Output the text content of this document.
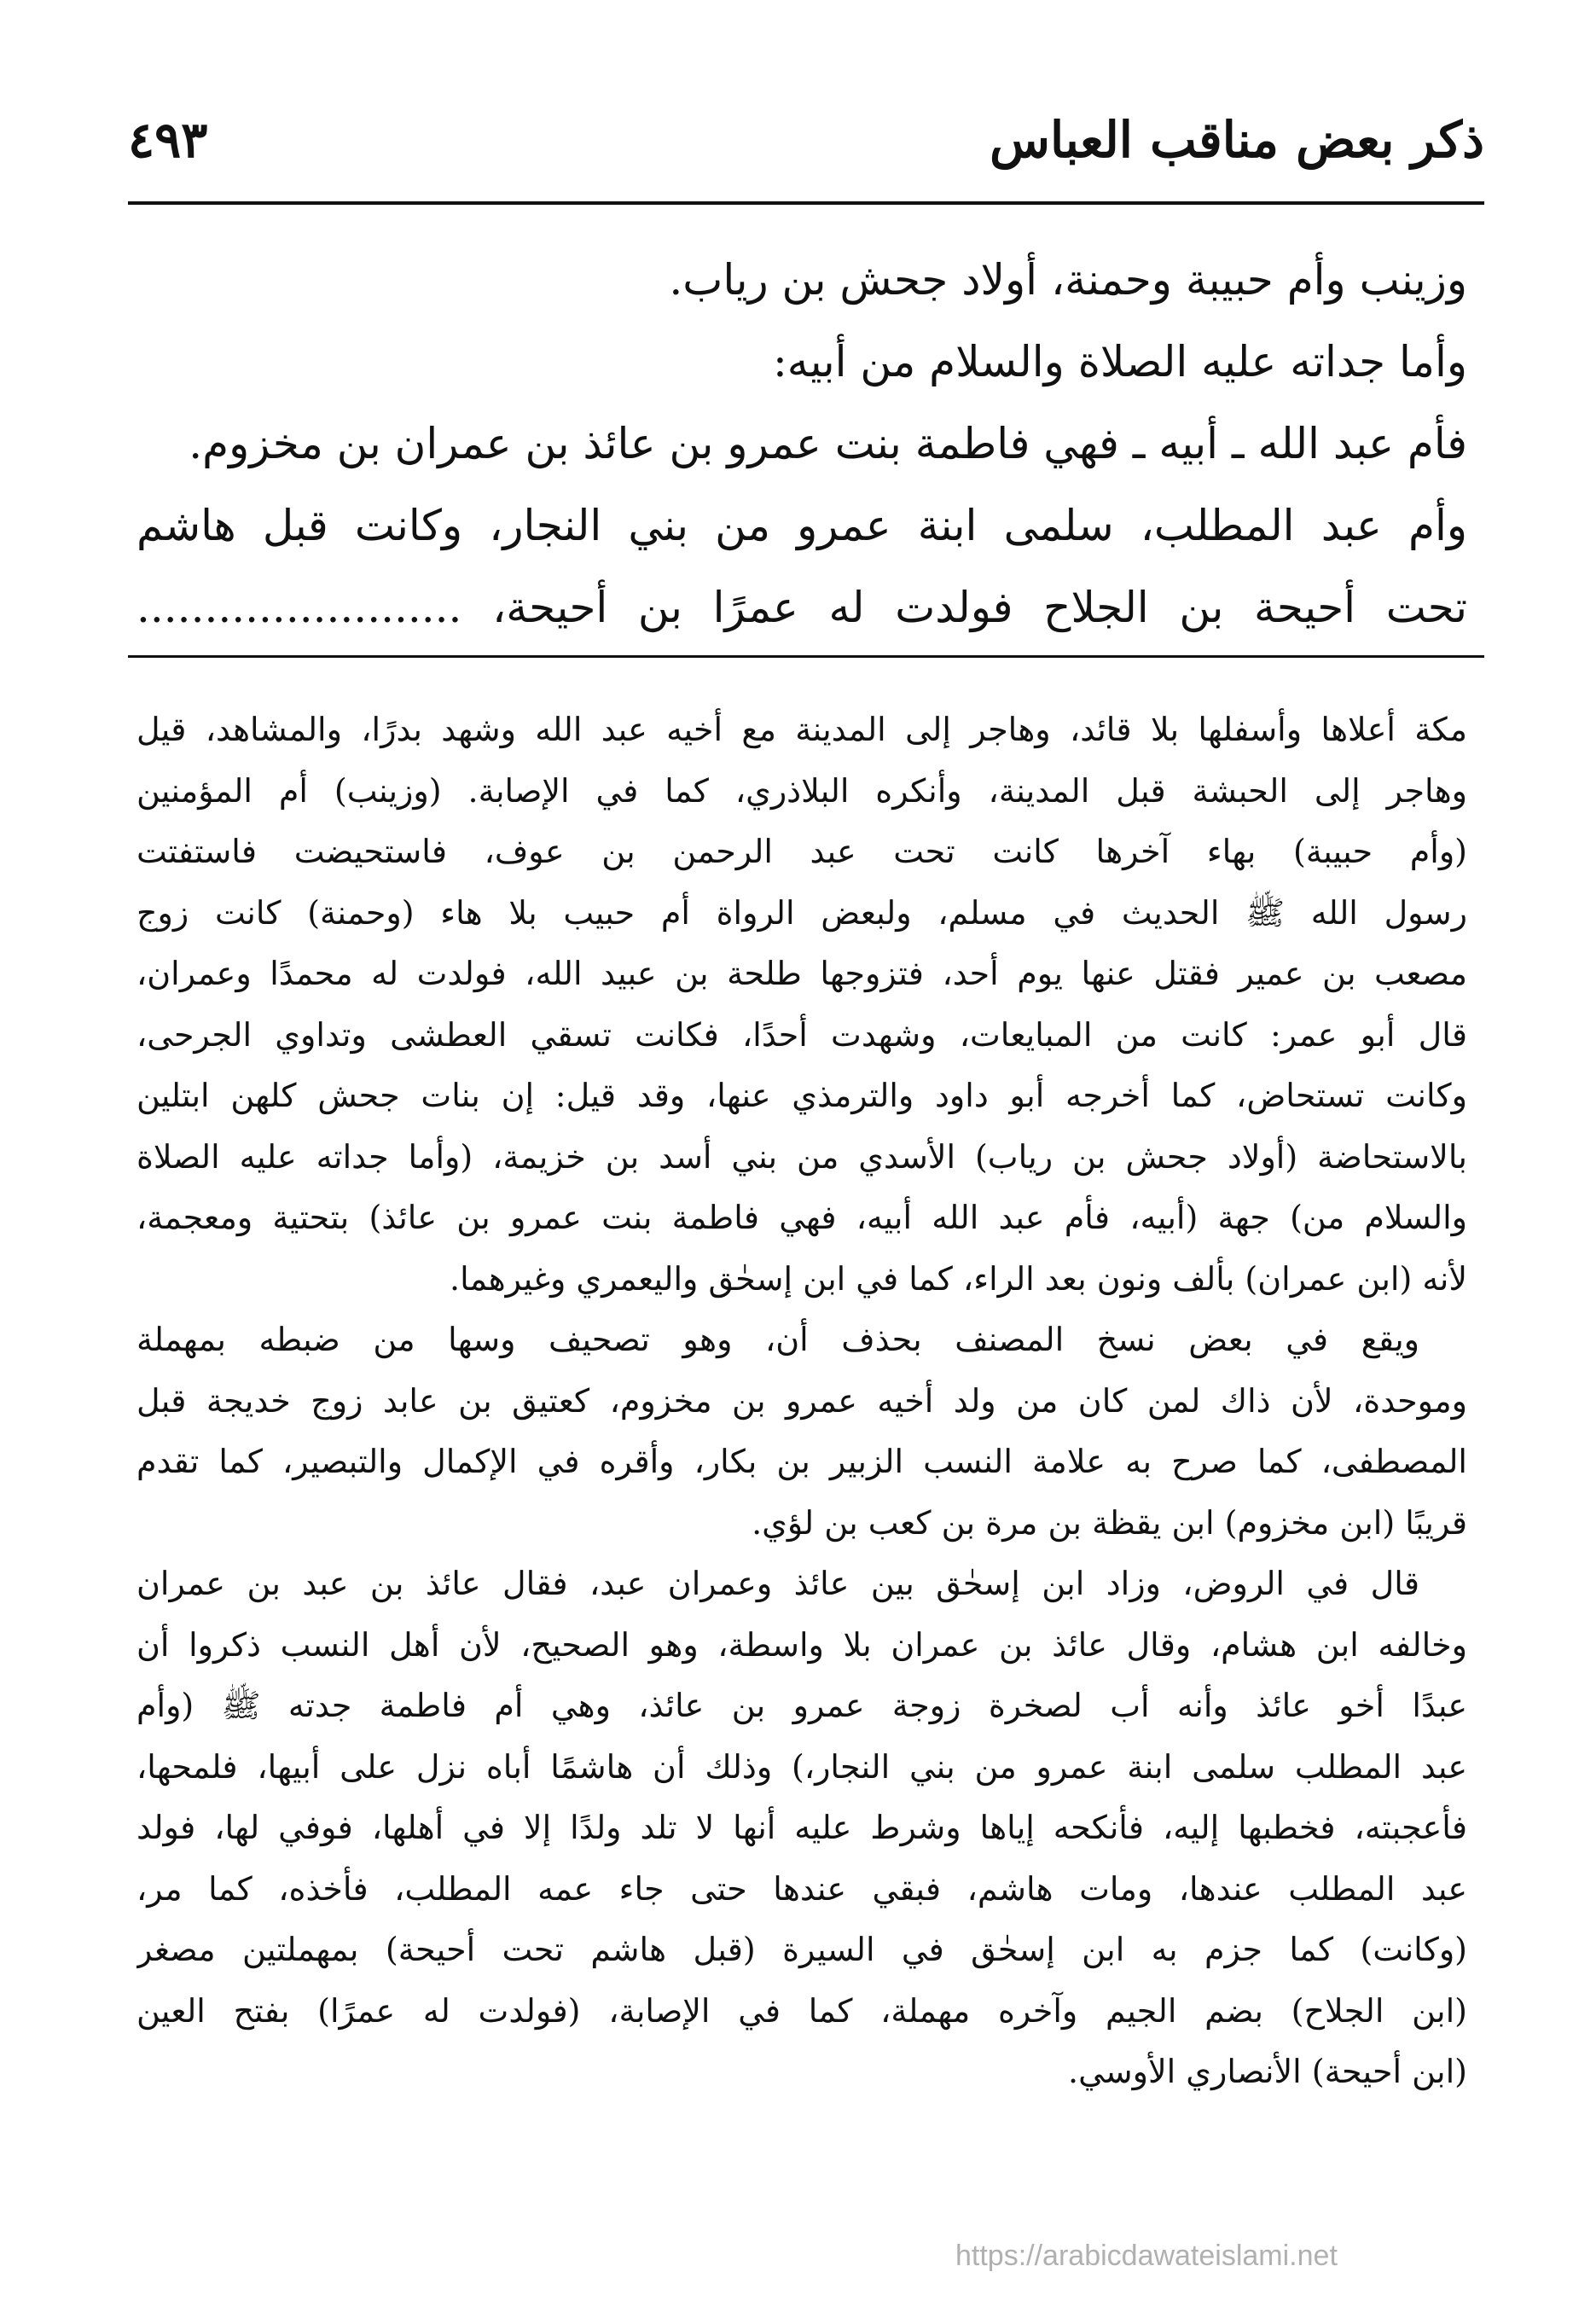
ذكر بعض مناقب العباس
٤٩٣
وزينب وأم حبيبة وحمنة، أولاد جحش بن رياب.
وأما جداته عليه الصلاة والسلام من أبيه:
فأم عبد الله ـ أبيه ـ فهي فاطمة بنت عمرو بن عائذ بن عمران بن مخزوم.
وأم عبد المطلب، سلمى ابنة عمرو من بني النجار، وكانت قبل هاشم
تحت أحيحة بن الجلاح فولدت له عمرًا بن أحيحة، ........................
مكة أعلاها وأسفلها بلا قائد، وهاجر إلى المدينة مع أخيه عبد الله وشهد بدرًا، والمشاهد، قيل
وهاجر إلى الحبشة قبل المدينة، وأنكره البلاذري، كما في الإصابة. (وزينب) أم المؤمنين
(وأم حبيبة) بهاء آخرها كانت تحت عبد الرحمن بن عوف، فاستحيضت فاستفتت
رسول الله ﷺ الحديث في مسلم، ولبعض الرواة أم حبيب بلا هاء (وحمنة) كانت زوج
مصعب بن عمير فقتل عنها يوم أحد، فتزوجها طلحة بن عبيد الله، فولدت له محمدًا وعمران،
قال أبو عمر: كانت من المبايعات، وشهدت أحدًا، فكانت تسقي العطشى وتداوي الجرحى،
وكانت تستحاض، كما أخرجه أبو داود والترمذي عنها، وقد قيل: إن بنات جحش كلهن ابتلين
بالاستحاضة (أولاد جحش بن رياب) الأسدي من بني أسد بن خزيمة، (وأما جداته عليه الصلاة
والسلام من) جهة (أبيه، فأم عبد الله أبيه، فهي فاطمة بنت عمرو بن عائذ) بتحتية ومعجمة،
لأنه (ابن عمران) بألف ونون بعد الراء، كما في ابن إسحٰق واليعمري وغيرهما.
ويقع في بعض نسخ المصنف بحذف أن، وهو تصحيف وسها من ضبطه بمهملة
وموحدة، لأن ذاك لمن كان من ولد أخيه عمرو بن مخزوم، كعتيق بن عابد زوج خديجة قبل
المصطفى، كما صرح به علامة النسب الزبير بن بكار، وأقره في الإكمال والتبصير، كما تقدم
قريبًا (ابن مخزوم) ابن يقظة بن مرة بن كعب بن لؤي.
قال في الروض، وزاد ابن إسحٰق بين عائذ وعمران عبد، فقال عائذ بن عبد بن عمران
وخالفه ابن هشام، وقال عائذ بن عمران بلا واسطة، وهو الصحيح، لأن أهل النسب ذكروا أن
عبدًا أخو عائذ وأنه أب لصخرة زوجة عمرو بن عائذ، وهي أم فاطمة جدته ﷺ (وأم
عبد المطلب سلمى ابنة عمرو من بني النجار،) وذلك أن هاشمًا أباه نزل على أبيها، فلمحها،
فأعجبته، فخطبها إليه، فأنكحه إياها وشرط عليه أنها لا تلد ولدًا إلا في أهلها، فوفي لها، فولد
عبد المطلب عندها، ومات هاشم، فبقي عندها حتى جاء عمه المطلب، فأخذه، كما مر،
(وكانت) كما جزم به ابن إسحٰق في السيرة (قبل هاشم تحت أحيحة) بمهملتين مصغر
(ابن الجلاح) بضم الجيم وآخره مهملة، كما في الإصابة، (فولدت له عمرًا) بفتح العين
(ابن أحيحة) الأنصاري الأوسي.
https://arabicdawateislami.net
